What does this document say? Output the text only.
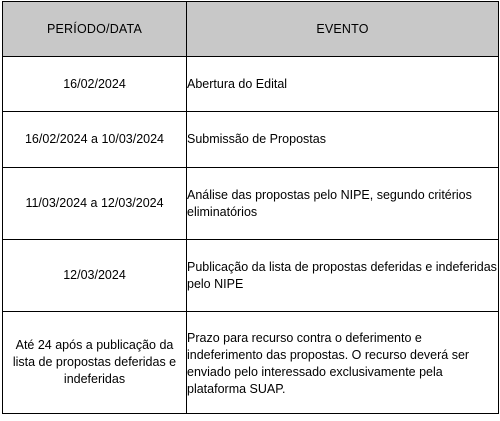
PERÍODO/DATA	EVENTO
16/02/2024	Abertura do Edital
16/02/2024 a 10/03/2024	Submissão de Propostas
11/03/2024 a 12/03/2024	Análise das propostas pelo NIPE, segundo critérios eliminatórios
12/03/2024	Publicação da lista de propostas deferidas e indeferidas pelo NIPE
Até 24 após a publicação da lista de propostas deferidas e indeferidas	Prazo para recurso contra o deferimento e indeferimento das propostas. O recurso deverá ser enviado pelo interessado exclusivamente pela plataforma SUAP.
